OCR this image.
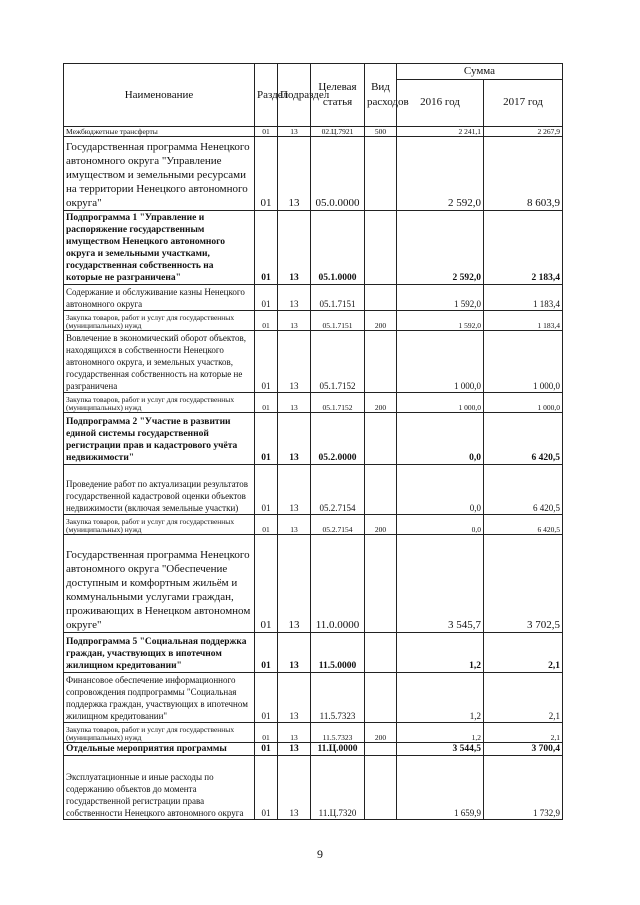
Наименование	Раздел	Подраздел	Целевая статья	Вид расходов	Сумма	
					2016 год	2017 год
Межбюджетные трансферты	01	13	02.Ц.7921	500	2 241,1	2 267,9
Государственная программа Ненецкого автономного округа "Управление имуществом и земельными ресурсами на территории Ненецкого автономного округа"	01	13	05.0.0000		2 592,0	8 603,9
Подпрограмма 1 "Управление и распоряжение государственным имуществом Ненецкого автономного округа и земельными участками, государственная собственность на которые не разграничена"	01	13	05.1.0000		2 592,0	2 183,4
Содержание и обслуживание казны Ненецкого автономного округа	01	13	05.1.7151		1 592,0	1 183,4
Закупка товаров, работ и услуг для государственных (муниципальных) нужд	01	13	05.1.7151	200	1 592,0	1 183,4
Вовлечение в экономический оборот объектов, находящихся в собственности Ненецкого автономного округа, и земельных участков, государственная собственность на которые не разграничена	01	13	05.1.7152		1 000,0	1 000,0
Закупка товаров, работ и услуг для государственных (муниципальных) нужд	01	13	05.1.7152	200	1 000,0	1 000,0
Подпрограмма 2 "Участие в развитии единой системы государственной регистрации прав и кадастрового учёта недвижимости"	01	13	05.2.0000		0,0	6 420,5
Проведение работ по актуализации результатов государственной кадастровой оценки объектов недвижимости (включая земельные участки)	01	13	05.2.7154		0,0	6 420,5
Закупка товаров, работ и услуг для государственных (муниципальных) нужд	01	13	05.2.7154	200	0,0	6 420,5
Государственная программа Ненецкого автономного округа "Обеспечение доступным и комфортным жильём и коммунальными услугами граждан, проживающих в Ненецком автономном округе"	01	13	11.0.0000		3 545,7	3 702,5
Подпрограмма 5 "Социальная поддержка граждан, участвующих в ипотечном жилищном кредитовании"	01	13	11.5.0000		1,2	2,1
Финансовое обеспечение информационного сопровождения подпрограммы "Социальная поддержка граждан, участвующих в ипотечном жилищном кредитовании"	01	13	11.5.7323		1,2	2,1
Закупка товаров, работ и услуг для государственных (муниципальных) нужд	01	13	11.5.7323	200	1,2	2,1
Отдельные мероприятия программы	01	13	11.Ц.0000		3 544,5	3 700,4
Эксплуатационные и иные расходы по содержанию объектов до момента государственной регистрации права собственности Ненецкого автономного округа	01	13	11.Ц.7320		1 659,9	1 732,9
9
